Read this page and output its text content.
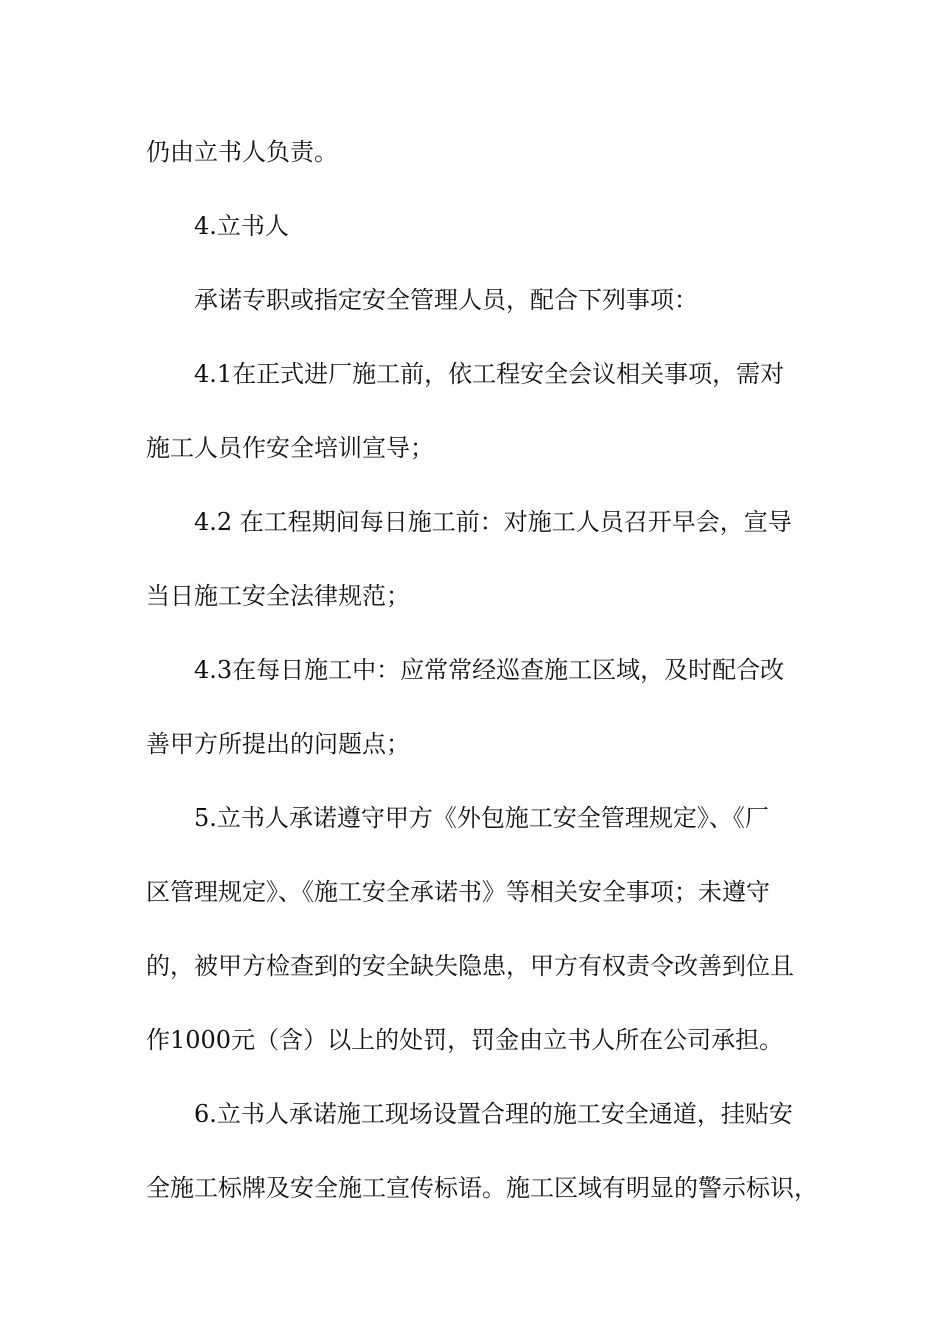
仍由立书人负责。
4.立书人
承诺专职或指定安全管理人员，配合下列事项：
4.1在正式进厂施工前，依工程安全会议相关事项，需对
施工人员作安全培训宣导；
4.2 在工程期间每日施工前：对施工人员召开早会，宣导
当日施工安全法律规范；
4.3在每日施工中：应常常经巡查施工区域，及时配合改
善甲方所提出的问题点；
5.立书人承诺遵守甲方《外包施工安全管理规定》、《厂
区管理规定》、《施工安全承诺书》等相关安全事项；未遵守
的，被甲方检查到的安全缺失隐患，甲方有权责令改善到位且
作1000元（含）以上的处罚，罚金由立书人所在公司承担。
6.立书人承诺施工现场设置合理的施工安全通道，挂贴安
全施工标牌及安全施工宣传标语。施工区域有明显的警示标识，
